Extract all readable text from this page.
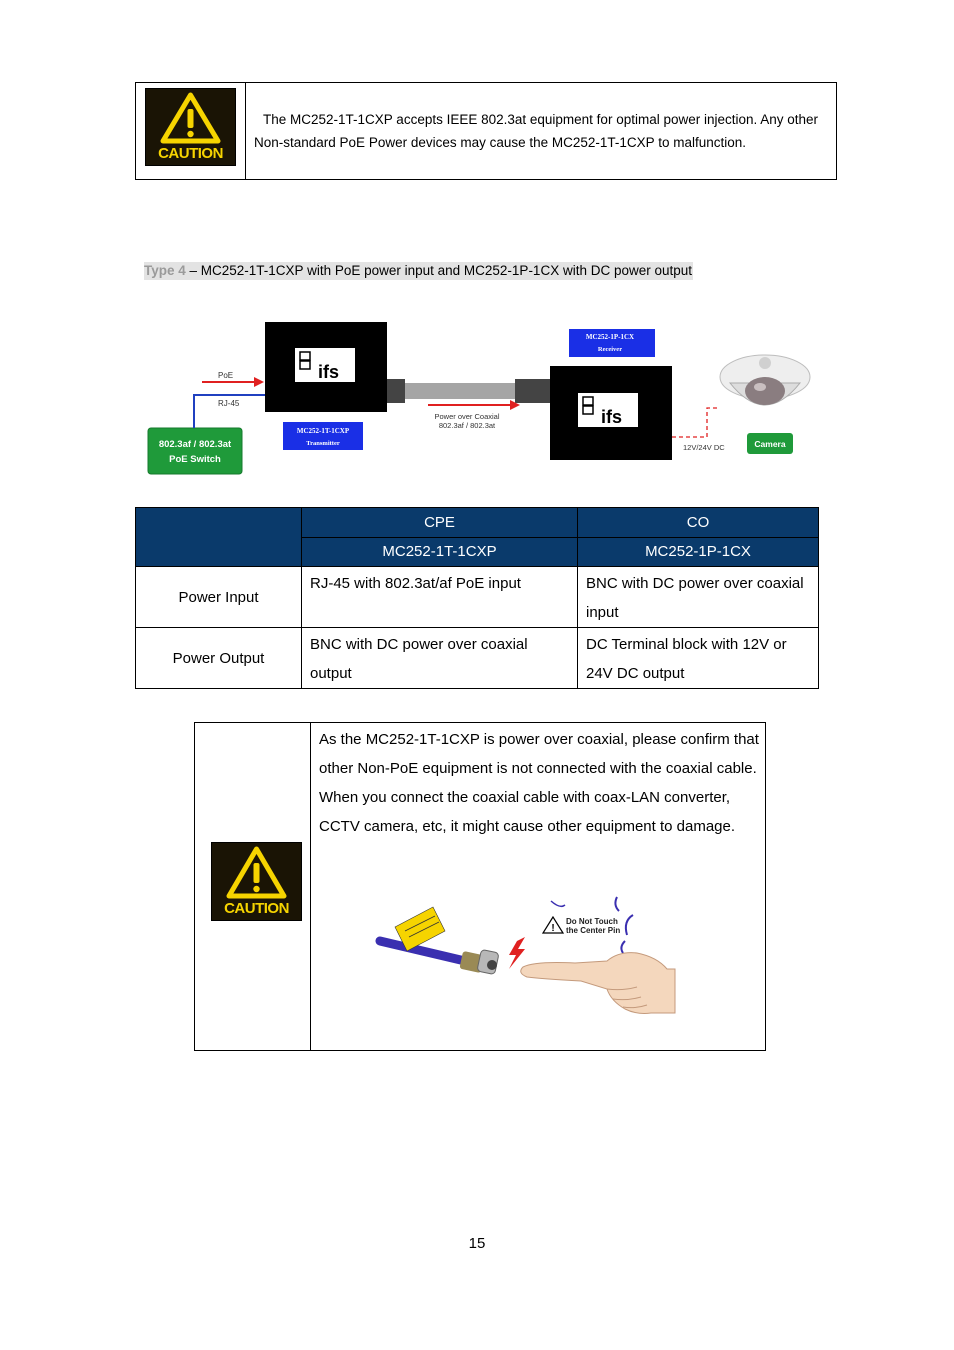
CAUTION
The MC252-1T-1CXP accepts IEEE 802.3at equipment for optimal power injection. Any other Non-standard PoE Power devices may cause the MC252-1T-1CXP to malfunction.
Type 4 – MC252-1T-1CXP with PoE power input and MC252-1P-1CX with DC power output
802.3af / 802.3at
PoE Switch
RJ-45
PoE	ifs
MC252-1T-1CXP
Transmitter
Power over Coaxial
802.3af / 802.3at
MC252-1P-1CX
Receiver
ifs
12V/24V DC	Camera
	CPE	CO
	MC252-1T-1CXP	MC252-1P-1CX
Power Input	RJ-45 with 802.3at/af PoE input	BNC with DC power over coaxial input
Power Output	BNC with DC power over coaxial output	DC Terminal block with 12V or 24V DC output
CAUTION
As the MC252-1T-1CXP is power over coaxial, please confirm that other Non-PoE equipment is not connected with the coaxial cable. When you connect the coaxial cable with coax-LAN converter, CCTV camera, etc, it might cause other equipment to damage.
!
Do Not Touch
the Center Pin
15
